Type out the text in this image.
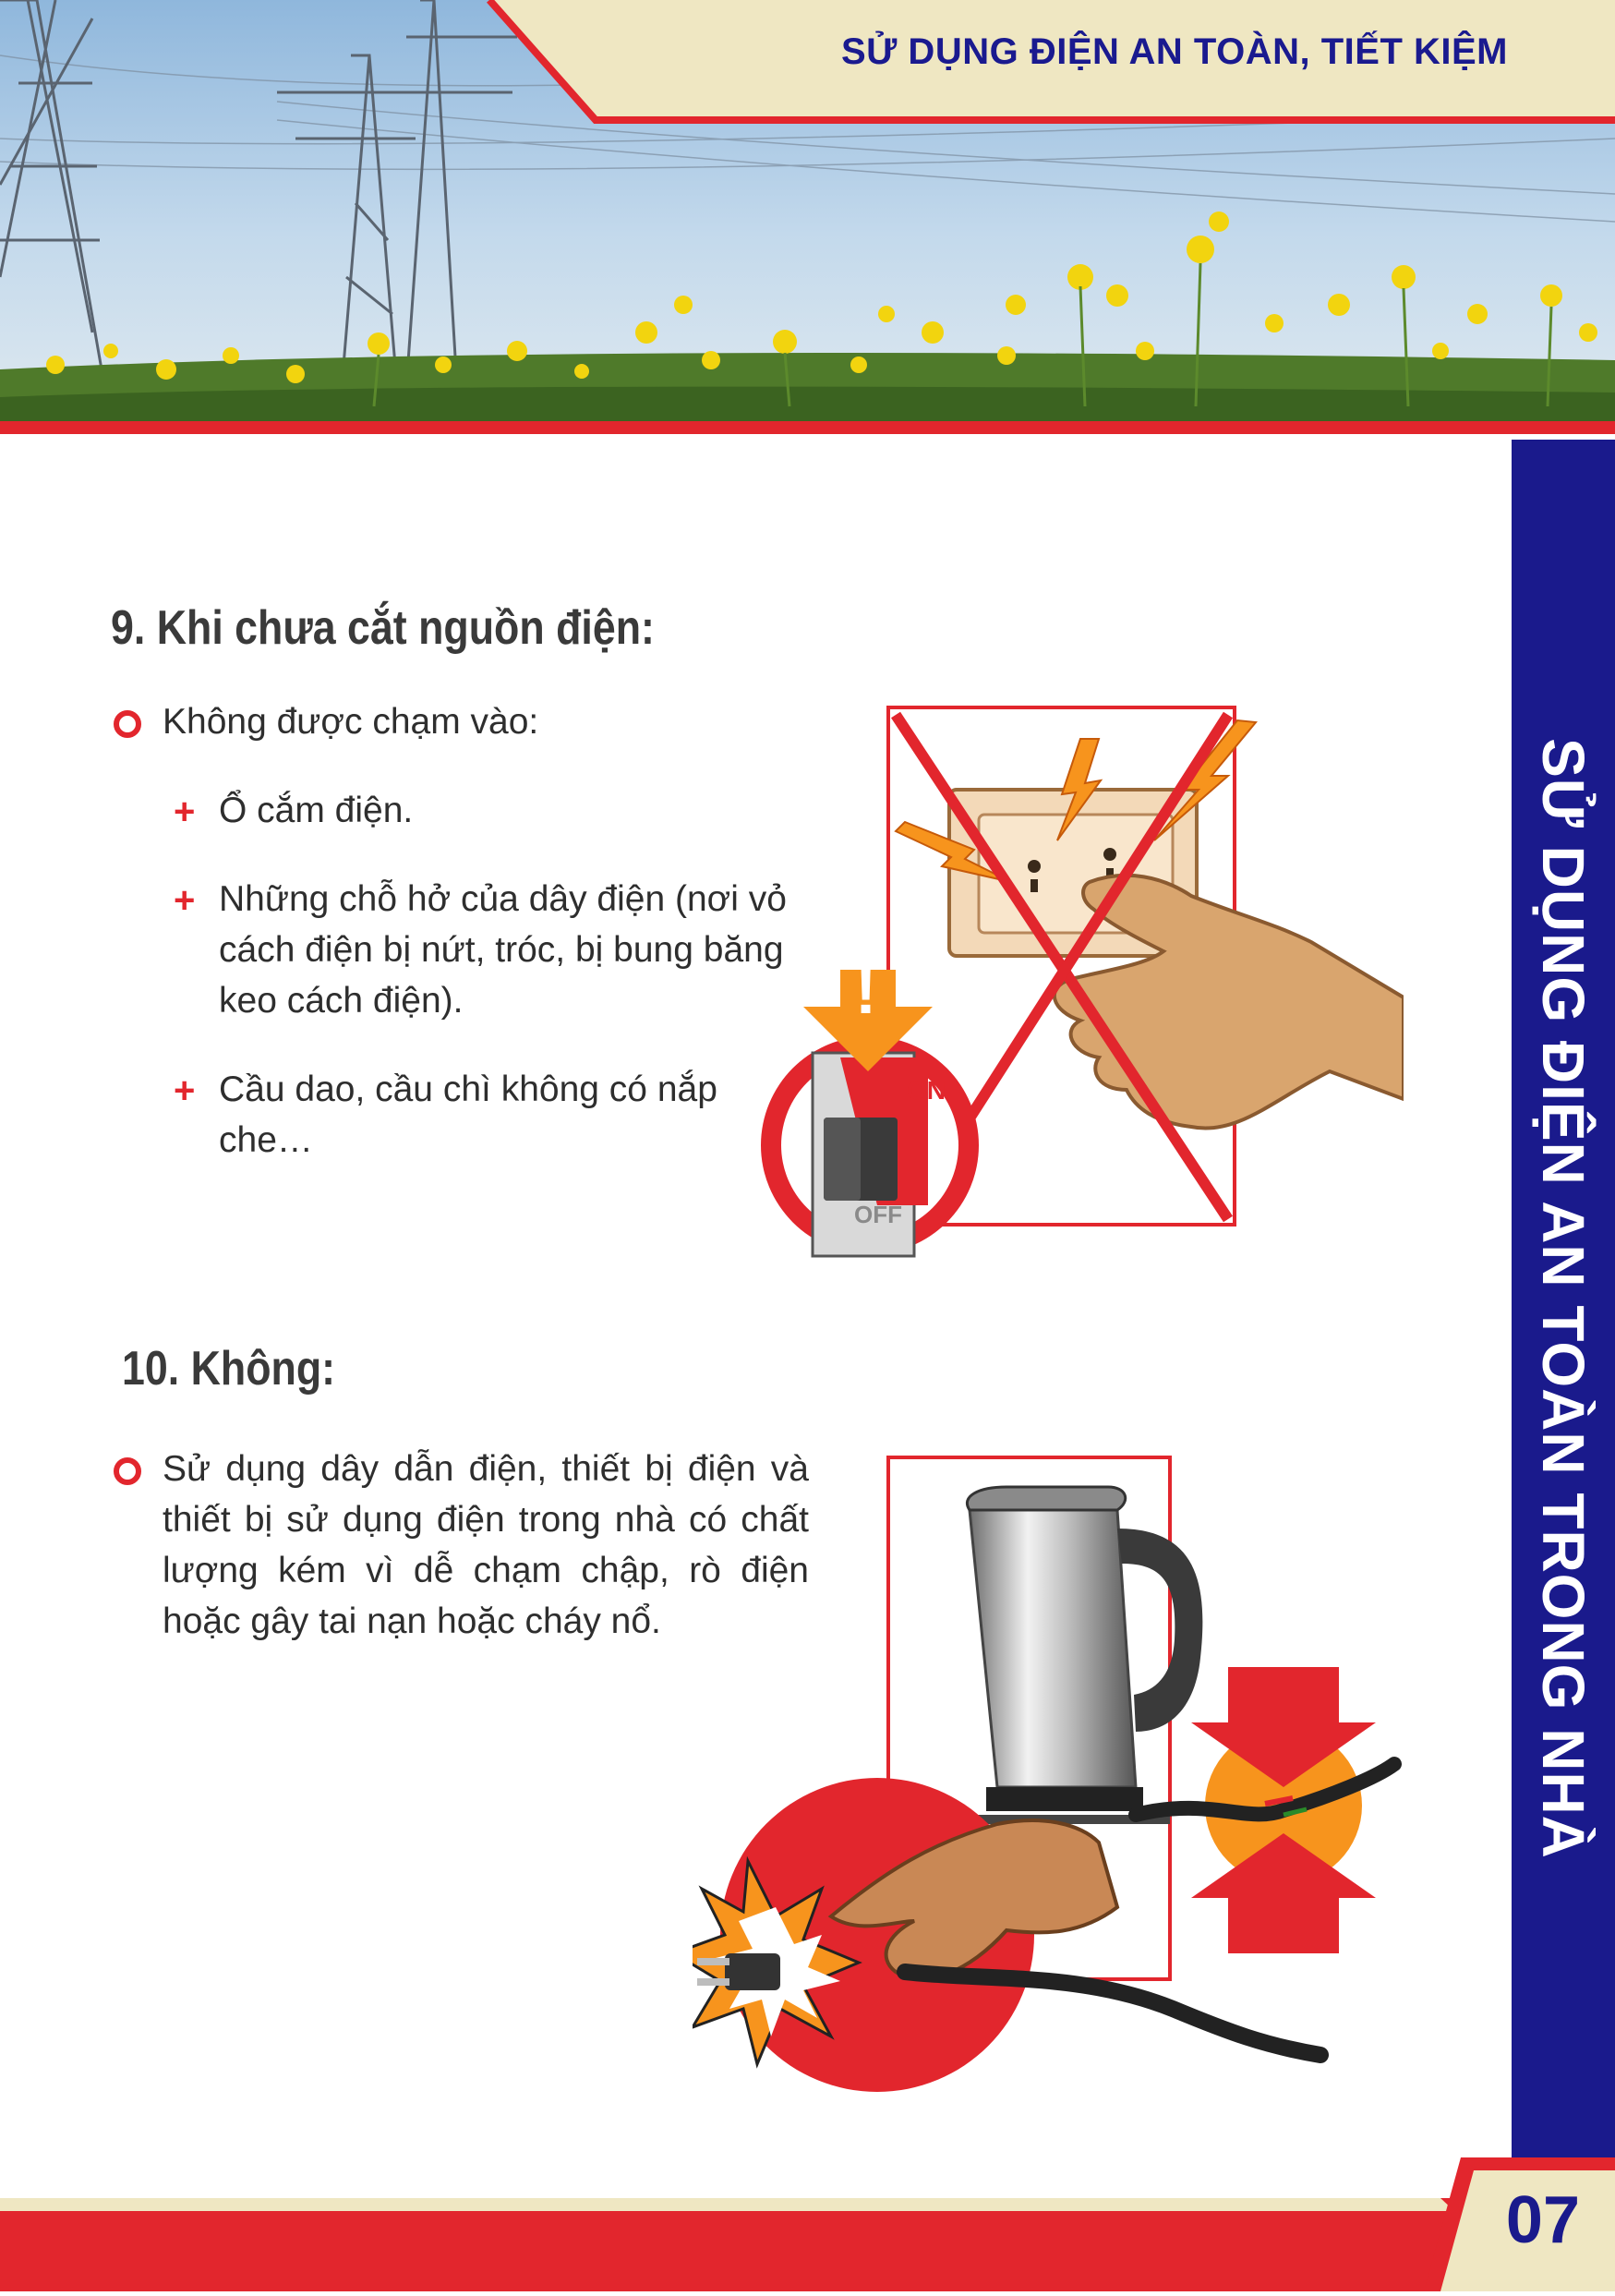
SỬ DỤNG ĐIỆN AN TOÀN, TIẾT KIỆM
SỬ DỤNG ĐIỆN AN TOÀN TRONG NHÀ
9. Khi chưa cắt nguồn điện:
Không được chạm vào:
+ Ổ cắm điện.
+ Những chỗ hở của dây điện (nơi vỏ cách điện bị nứt, tróc, bị bung băng keo cách điện).
+ Cầu dao, cầu chì không có nắp che…
ON
OFF
!
10. Không:
Sử dụng dây dẫn điện, thiết bị điện và thiết bị sử dụng điện trong nhà có chất lượng kém vì dễ chạm chập, rò điện hoặc gây tai nạn hoặc cháy nổ.
07
